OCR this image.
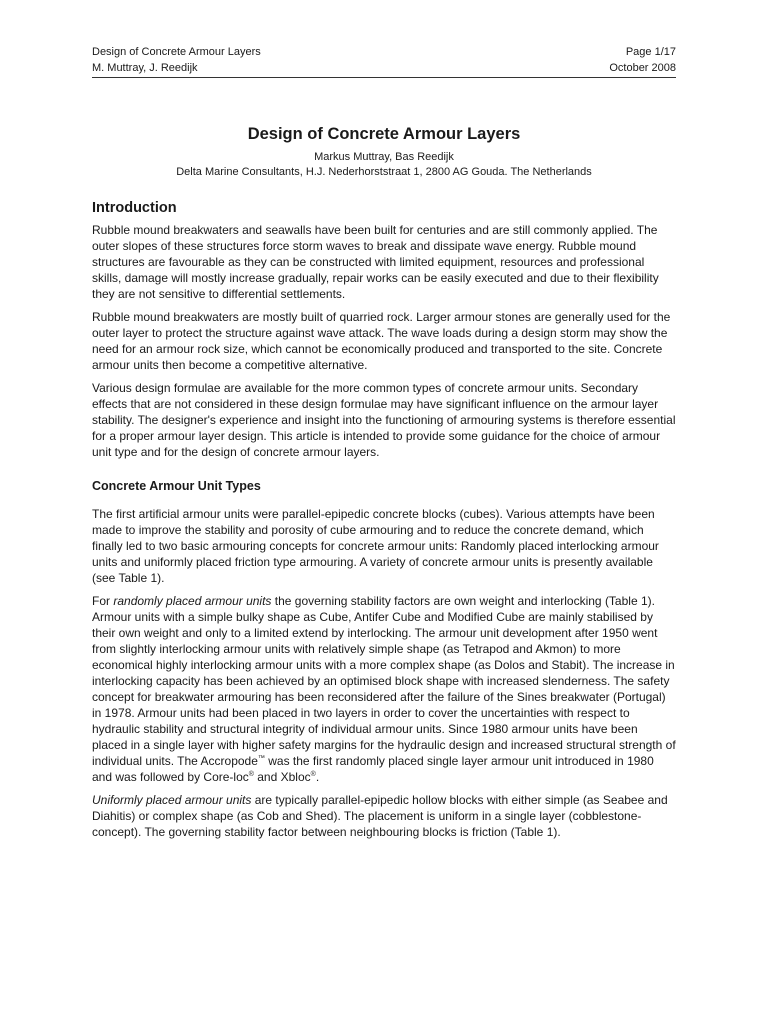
Design of Concrete Armour Layers	Page 1/17
M. Muttray, J. Reedijk	October 2008
Design of Concrete Armour Layers

Markus Muttray, Bas Reedijk

Delta Marine Consultants, H.J. Nederhorststraat 1, 2800 AG Gouda. The Netherlands

Introduction

Rubble mound breakwaters and seawalls have been built for centuries and are still commonly applied. The outer slopes of these structures force storm waves to break and dissipate wave energy. Rubble mound structures are favourable as they can be constructed with limited equipment, resources and professional skills, damage will mostly increase gradually, repair works can be easily executed and due to their flexibility they are not sensitive to differential settlements.

Rubble mound breakwaters are mostly built of quarried rock. Larger armour stones are generally used for the outer layer to protect the structure against wave attack. The wave loads during a design storm may show the need for an armour rock size, which cannot be economically produced and transported to the site. Concrete armour units then become a competitive alternative.

Various design formulae are available for the more common types of concrete armour units. Secondary effects that are not considered in these design formulae may have significant influence on the armour layer stability. The designer's experience and insight into the functioning of armouring systems is therefore essential for a proper armour layer design. This article is intended to provide some guidance for the choice of armour unit type and for the design of concrete armour layers.

Concrete Armour Unit Types

The first artificial armour units were parallel-epipedic concrete blocks (cubes). Various attempts have been made to improve the stability and porosity of cube armouring and to reduce the concrete demand, which finally led to two basic armouring concepts for concrete armour units: Randomly placed interlocking armour units and uniformly placed friction type armouring. A variety of concrete armour units is presently available (see Table 1).

For randomly placed armour units the governing stability factors are own weight and interlocking (Table 1). Armour units with a simple bulky shape as Cube, Antifer Cube and Modified Cube are mainly stabilised by their own weight and only to a limited extend by interlocking. The armour unit development after 1950 went from slightly interlocking armour units with relatively simple shape (as Tetrapod and Akmon) to more economical highly interlocking armour units with a more complex shape (as Dolos and Stabit). The increase in interlocking capacity has been achieved by an optimised block shape with increased slenderness. The safety concept for breakwater armouring has been reconsidered after the failure of the Sines breakwater (Portugal) in 1978. Armour units had been placed in two layers in order to cover the uncertainties with respect to hydraulic stability and structural integrity of individual armour units. Since 1980 armour units have been placed in a single layer with higher safety margins for the hydraulic design and increased structural strength of individual units. The Accropode™ was the first randomly placed single layer armour unit introduced in 1980 and was followed by Core-loc® and Xbloc®.

Uniformly placed armour units are typically parallel-epipedic hollow blocks with either simple (as Seabee and Diahitis) or complex shape (as Cob and Shed). The placement is uniform in a single layer (cobblestone-concept). The governing stability factor between neighbouring blocks is friction (Table 1).
